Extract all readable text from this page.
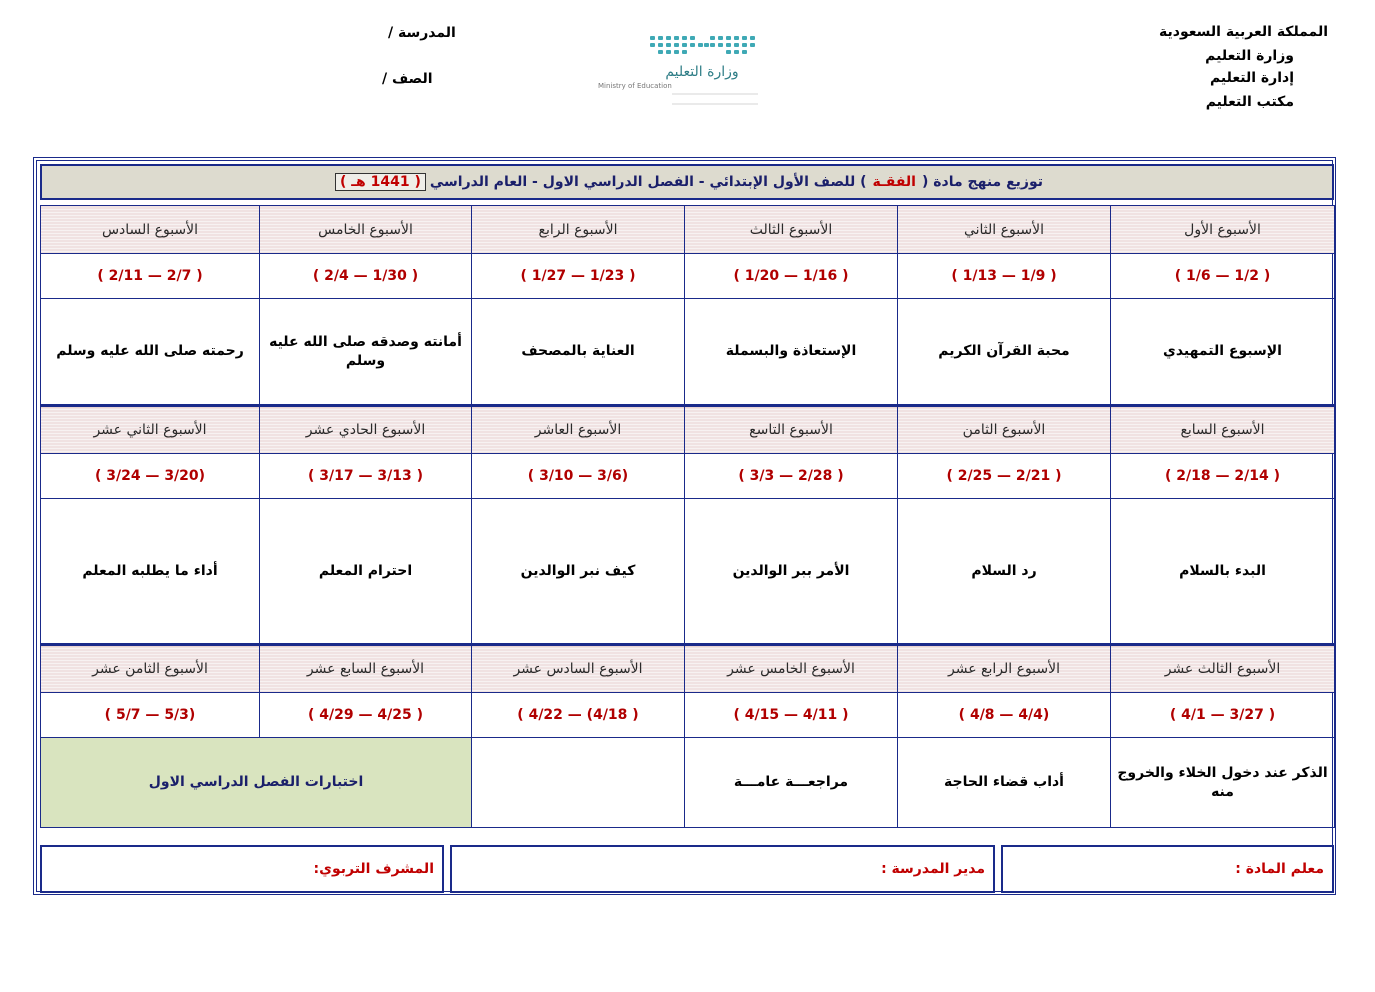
المملكة العربية السعودية
وزارة التعليم
إدارة التعليم
مكتب التعليم
المدرسة /
الصف /	وزارة التعليم
Ministry of Education
توزيع منهج مادة (
الفقـة
) للصف الأول الإبتدائي - الفصل الدراسي الاول - العام الدراسي
( 1441 هـ )
الأسبوع الأول	الأسبوع الثاني	الأسبوع الثالث	الأسبوع الرابع	الأسبوع الخامس	الأسبوع السادس
( 1/2 — 1/6 )	( 1/9 — 1/13 )	( 1/16 — 1/20 )	( 1/23 — 1/27 )	( 1/30 — 2/4 )	( 2/7 — 2/11 )
الإسبوع التمهيدي	محبة القرآن الكريم	الإستعاذة والبسملة	العناية بالمصحف	أمانته وصدقه صلى الله عليه وسلم	رحمته صلى الله عليه وسلم
الأسبوع السابع	الأسبوع الثامن	الأسبوع التاسع	الأسبوع العاشر	الأسبوع الحادي عشر	الأسبوع الثاني عشر
( 2/14 — 2/18 )	( 2/21 — 2/25 )	( 2/28 — 3/3 )	(3/6 — 3/10 )	( 3/13 — 3/17 )	(3/20 — 3/24 )
البدء بالسلام	رد السلام	الأمر ببر الوالدين	كيف نبر الوالدين	احترام المعلم	أداء ما يطلبه المعلم
الأسبوع الثالث عشر	الأسبوع الرابع عشر	الأسبوع الخامس عشر	الأسبوع السادس عشر	الأسبوع السابع عشر	الأسبوع الثامن عشر
( 3/27 — 4/1 )	(4/4 — 4/8 )	( 4/11 — 4/15 )	( 4/18) — 4/22 )	( 4/25 — 4/29 )	(5/3 — 5/7 )
الذكر عند دخول الخلاء والخروج منه	أداب قضاء الحاجة	مراجعـــة عامـــة		اختبارات الفصل الدراسي الاول	
معلم المادة :
مدير المدرسة :
المشرف التربوي:
